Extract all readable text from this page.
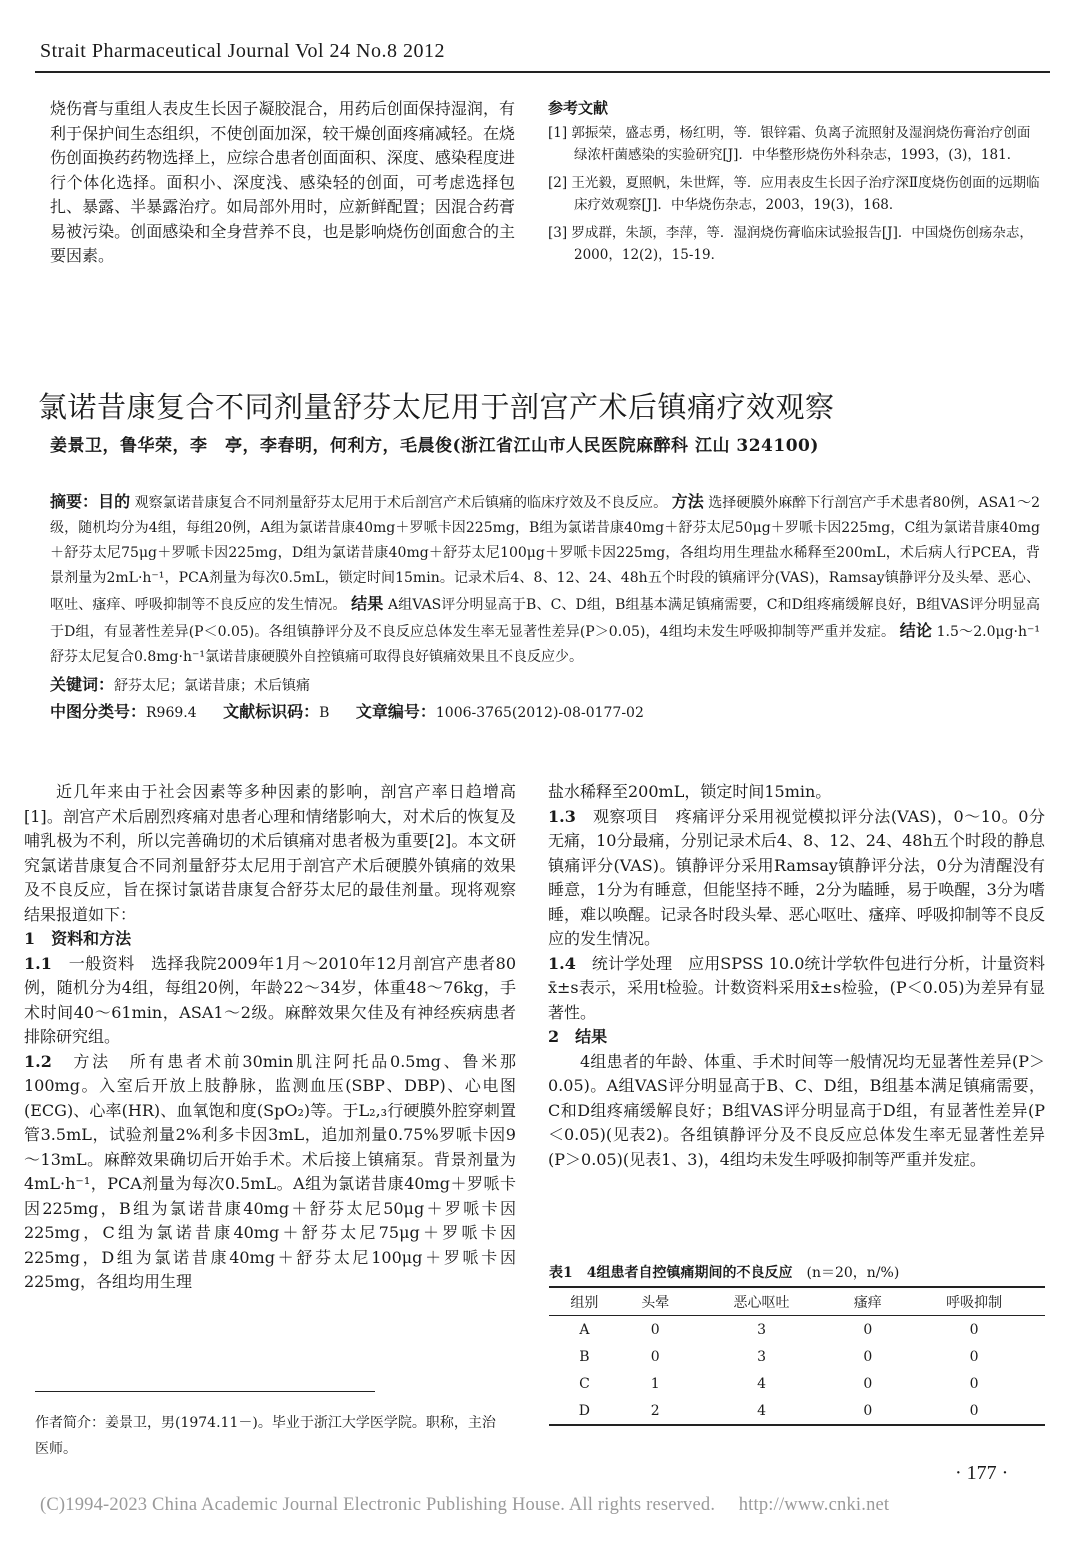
Strait Pharmaceutical Journal Vol 24 No.8 2012

烧伤膏与重组人表皮生长因子凝胶混合，用药后创面保持湿润，有利于保护间生态组织，不使创面加深，较干燥创面疼痛减轻。在烧伤创面换药药物选择上，应综合患者创面面积、深度、感染程度进行个体化选择。面积小、深度浅、感染轻的创面，可考虑选择包扎、暴露、半暴露治疗。如局部外用时，应新鲜配置；因混合药膏易被污染。创面感染和全身营养不良，也是影响烧伤创面愈合的主要因素。

参考文献

[1] 郭振荣，盛志勇，杨红明，等．银锌霜、负离子流照射及湿润烧伤膏治疗创面绿浓杆菌感染的实验研究[J]．中华整形烧伤外科杂志，1993，(3)，181．

[2] 王光毅，夏照帆，朱世辉，等．应用表皮生长因子治疗深Ⅱ度烧伤创面的远期临床疗效观察[J]．中华烧伤杂志，2003，19(3)，168．

[3] 罗成群，朱颉，李萍，等．湿润烧伤膏临床试验报告[J]．中国烧伤创疡杂志，2000，12(2)，15-19．

氯诺昔康复合不同剂量舒芬太尼用于剖宫产术后镇痛疗效观察
姜景卫，鲁华荣，李　亭，李春明，何利方，毛晨俊(浙江省江山市人民医院麻醉科 江山 324100)
摘要：目的 观察氯诺昔康复合不同剂量舒芬太尼用于术后剖宫产术后镇痛的临床疗效及不良反应。 方法 选择硬膜外麻醉下行剖宫产手术患者80例，ASA1～2级，随机均分为4组，每组20例，A组为氯诺昔康40mg＋罗哌卡因225mg，B组为氯诺昔康40mg＋舒芬太尼50μg＋罗哌卡因225mg，C组为氯诺昔康40mg＋舒芬太尼75μg＋罗哌卡因225mg，D组为氯诺昔康40mg＋舒芬太尼100μg＋罗哌卡因225mg，各组均用生理盐水稀释至200mL，术后病人行PCEA，背景剂量为2mL·h⁻¹，PCA剂量为每次0.5mL，锁定时间15min。记录术后4、8、12、24、48h五个时段的镇痛评分(VAS)，Ramsay镇静评分及头晕、恶心、呕吐、瘙痒、呼吸抑制等不良反应的发生情况。 结果 A组VAS评分明显高于B、C、D组，B组基本满足镇痛需要，C和D组疼痛缓解良好，B组VAS评分明显高于D组，有显著性差异(P＜0.05)。各组镇静评分及不良反应总体发生率无显著性差异(P＞0.05)，4组均未发生呼吸抑制等严重并发症。 结论 1.5～2.0μg·h⁻¹舒芬太尼复合0.8mg·h⁻¹氯诺昔康硬膜外自控镇痛可取得良好镇痛效果且不良反应少。
关键词：舒芬太尼；氯诺昔康；术后镇痛
中图分类号：R969.4 文献标识码：B 文章编号：1006-3765(2012)-08-0177-02

近几年来由于社会因素等多种因素的影响，剖宫产率日趋增高[1]。剖宫产术后剧烈疼痛对患者心理和情绪影响大，对术后的恢复及哺乳极为不利，所以完善确切的术后镇痛对患者极为重要[2]。本文研究氯诺昔康复合不同剂量舒芬太尼用于剖宫产术后硬膜外镇痛的效果及不良反应，旨在探讨氯诺昔康复合舒芬太尼的最佳剂量。现将观察结果报道如下：

1　资料和方法

1.1　一般资料　选择我院2009年1月～2010年12月剖宫产患者80例，随机分为4组，每组20例，年龄22～34岁，体重48～76kg，手术时间40～61min，ASA1～2级。麻醉效果欠佳及有神经疾病患者排除研究组。

1.2　方法　所有患者术前30min肌注阿托品0.5mg、鲁米那100mg。入室后开放上肢静脉，监测血压(SBP、DBP)、心电图(ECG)、心率(HR)、血氧饱和度(SpO₂)等。于L₂,₃行硬膜外腔穿刺置管3.5mL，试验剂量2%利多卡因3mL，追加剂量0.75%罗哌卡因9～13mL。麻醉效果确切后开始手术。术后接上镇痛泵。背景剂量为4mL·h⁻¹，PCA剂量为每次0.5mL。A组为氯诺昔康40mg＋罗哌卡因225mg，B组为氯诺昔康40mg＋舒芬太尼50μg＋罗哌卡因225mg，C组为氯诺昔康40mg＋舒芬太尼75μg＋罗哌卡因225mg，D组为氯诺昔康40mg＋舒芬太尼100μg＋罗哌卡因225mg，各组均用生理

盐水稀释至200mL，锁定时间15min。

1.3　观察项目　疼痛评分采用视觉模拟评分法(VAS)，0～10。0分无痛，10分最痛，分别记录术后4、8、12、24、48h五个时段的静息镇痛评分(VAS)。镇静评分采用Ramsay镇静评分法，0分为清醒没有睡意，1分为有睡意，但能坚持不睡，2分为瞌睡，易于唤醒，3分为嗜睡，难以唤醒。记录各时段头晕、恶心呕吐、瘙痒、呼吸抑制等不良反应的发生情况。

1.4　统计学处理　应用SPSS 10.0统计学软件包进行分析，计量资料x̄±s表示，采用t检验。计数资料采用x̄±s检验，(P＜0.05)为差异有显著性。

2　结果

4组患者的年龄、体重、手术时间等一般情况均无显著性差异(P＞0.05)。A组VAS评分明显高于B、C、D组，B组基本满足镇痛需要，C和D组疼痛缓解良好；B组VAS评分明显高于D组，有显著性差异(P＜0.05)(见表2)。各组镇静评分及不良反应总体发生率无显著性差异(P＞0.05)(见表1、3)，4组均未发生呼吸抑制等严重并发症。

表1　4组患者自控镇痛期间的不良反应　(n＝20，n/%)
组别	头晕	恶心呕吐	瘙痒	呼吸抑制
A	0	3	0	0
B	0	3	0	0
C	1	4	0	0
D	2	4	0	0
作者简介：姜景卫，男(1974.11－)。毕业于浙江大学医学院。职称，主治医师。
· 177 ·
(C)1994-2023 China Academic Journal Electronic Publishing House. All rights reserved.　 http://www.cnki.net
